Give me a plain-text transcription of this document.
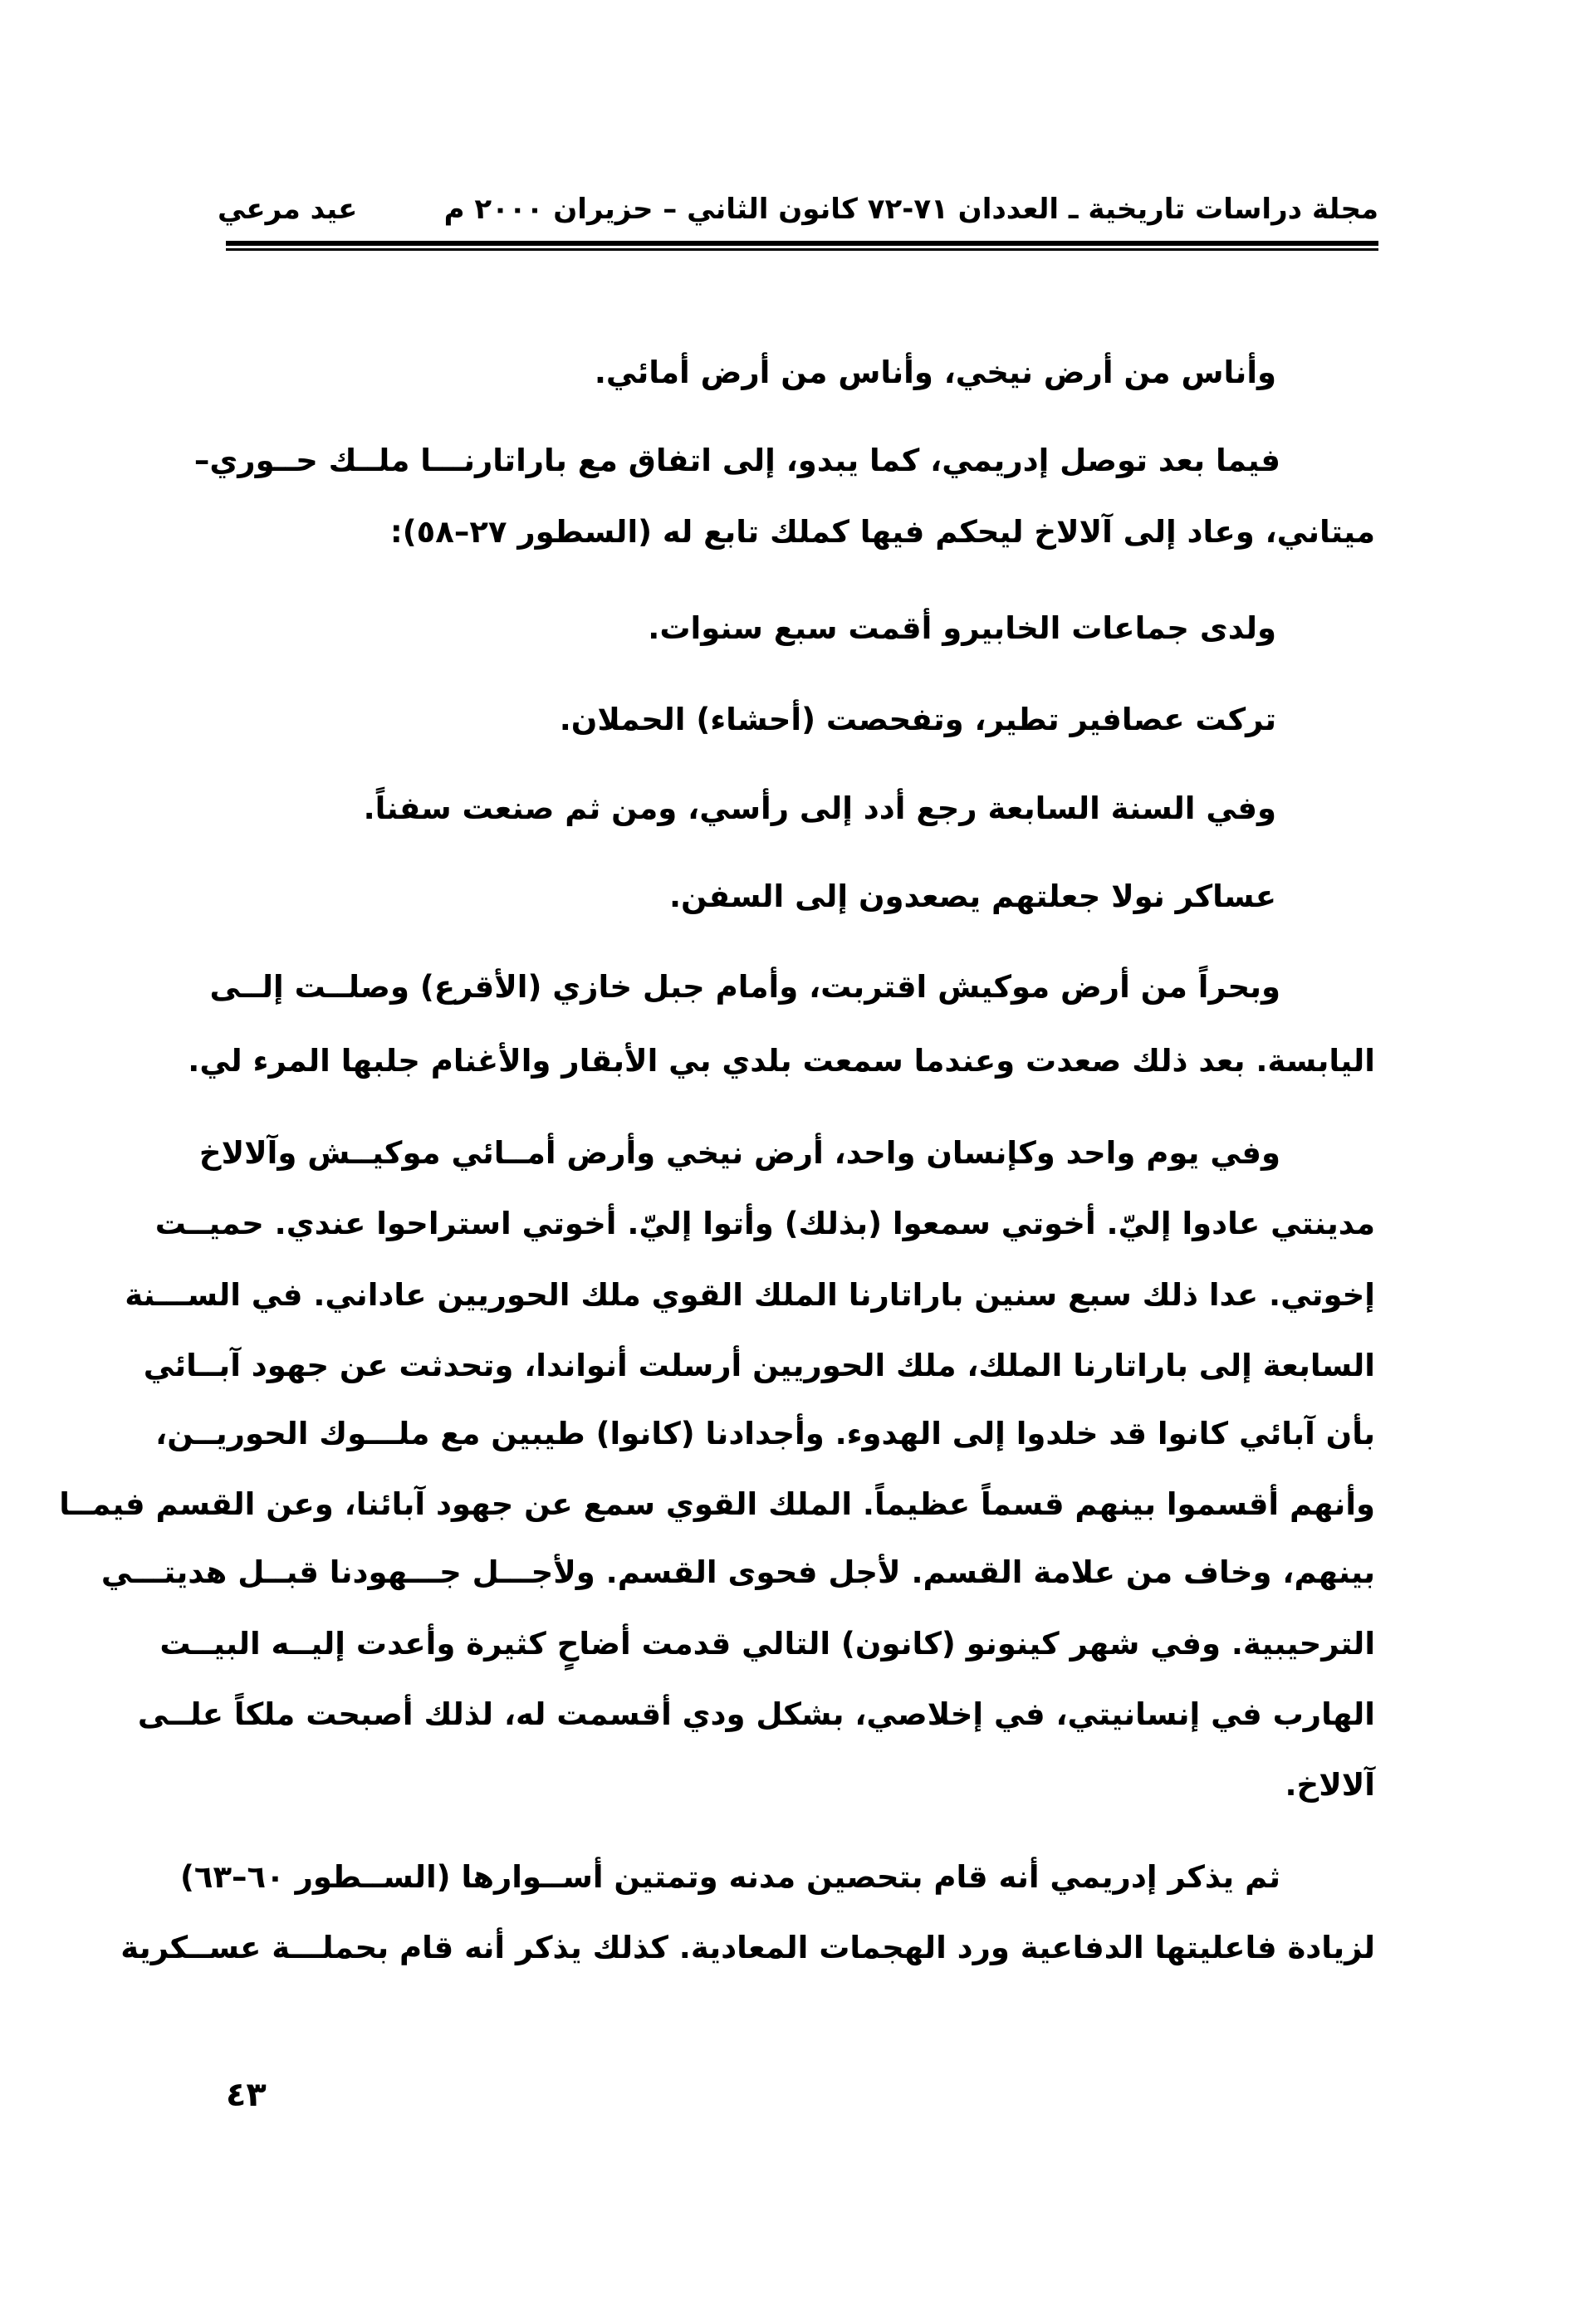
مجلة دراسات تاريخية ـ العددان ٧١-٧٢ كانون الثاني – حزيران ٢٠٠٠ م
عيد مرعي
وأناس من أرض نيخي، وأناس من أرض أمائي.
فيما بعد توصل إدريمي، كما يبدو، إلى اتفاق مع باراتارنـــا ملــك حــوري–
ميتاني، وعاد إلى آلالاخ ليحكم فيها كملك تابع له (السطور ٢٧–٥٨):
ولدى جماعات الخابيرو أقمت سبع سنوات.
تركت عصافير تطير، وتفحصت (أحشاء) الحملان.
وفي السنة السابعة رجع أدد إلى رأسي، ومن ثم صنعت سفناً.
عساكر نولا جعلتهم يصعدون إلى السفن.
وبحراً من أرض موكيش اقتربت، وأمام جبل خازي (الأقرع) وصلــت إلــى
اليابسة. بعد ذلك صعدت وعندما سمعت بلدي بي الأبقار والأغنام جلبها المرء لي.
وفي يوم واحد وكإنسان واحد، أرض نيخي وأرض أمــائي موكيــش وآلالاخ
مدينتي عادوا إليّ. أخوتي سمعوا (بذلك) وأتوا إليّ. أخوتي استراحوا عندي. حميــت
إخوتي. عدا ذلك سبع سنين باراتارنا الملك القوي ملك الحوريين عاداني. في الســـنة
السابعة إلى باراتارنا الملك، ملك الحوريين أرسلت أنواندا، وتحدثت عن جهود آبــائي
بأن آبائي كانوا قد خلدوا إلى الهدوء. وأجدادنا (كانوا) طيبين مع ملـــوك الحوريــن،
وأنهم أقسموا بينهم قسماً عظيماً. الملك القوي سمع عن جهود آبائنا، وعن القسم فيمــا
بينهم، وخاف من علامة القسم. لأجل فحوى القسم. ولأجـــل جـــهودنا قبــل هديتـــي
الترحيبية. وفي شهر كينونو (كانون) التالي قدمت أضاحٍ كثيرة وأعدت إليــه البيــت
الهارب في إنسانيتي، في إخلاصي، بشكل ودي أقسمت له، لذلك أصبحت ملكاً علــى
آلالاخ.
ثم يذكر إدريمي أنه قام بتحصين مدنه وتمتين أســوارها (الســطور ٦٠–٦٣)
لزيادة فاعليتها الدفاعية ورد الهجمات المعادية. كذلك يذكر أنه قام بحملـــة عســكرية
٤٣
